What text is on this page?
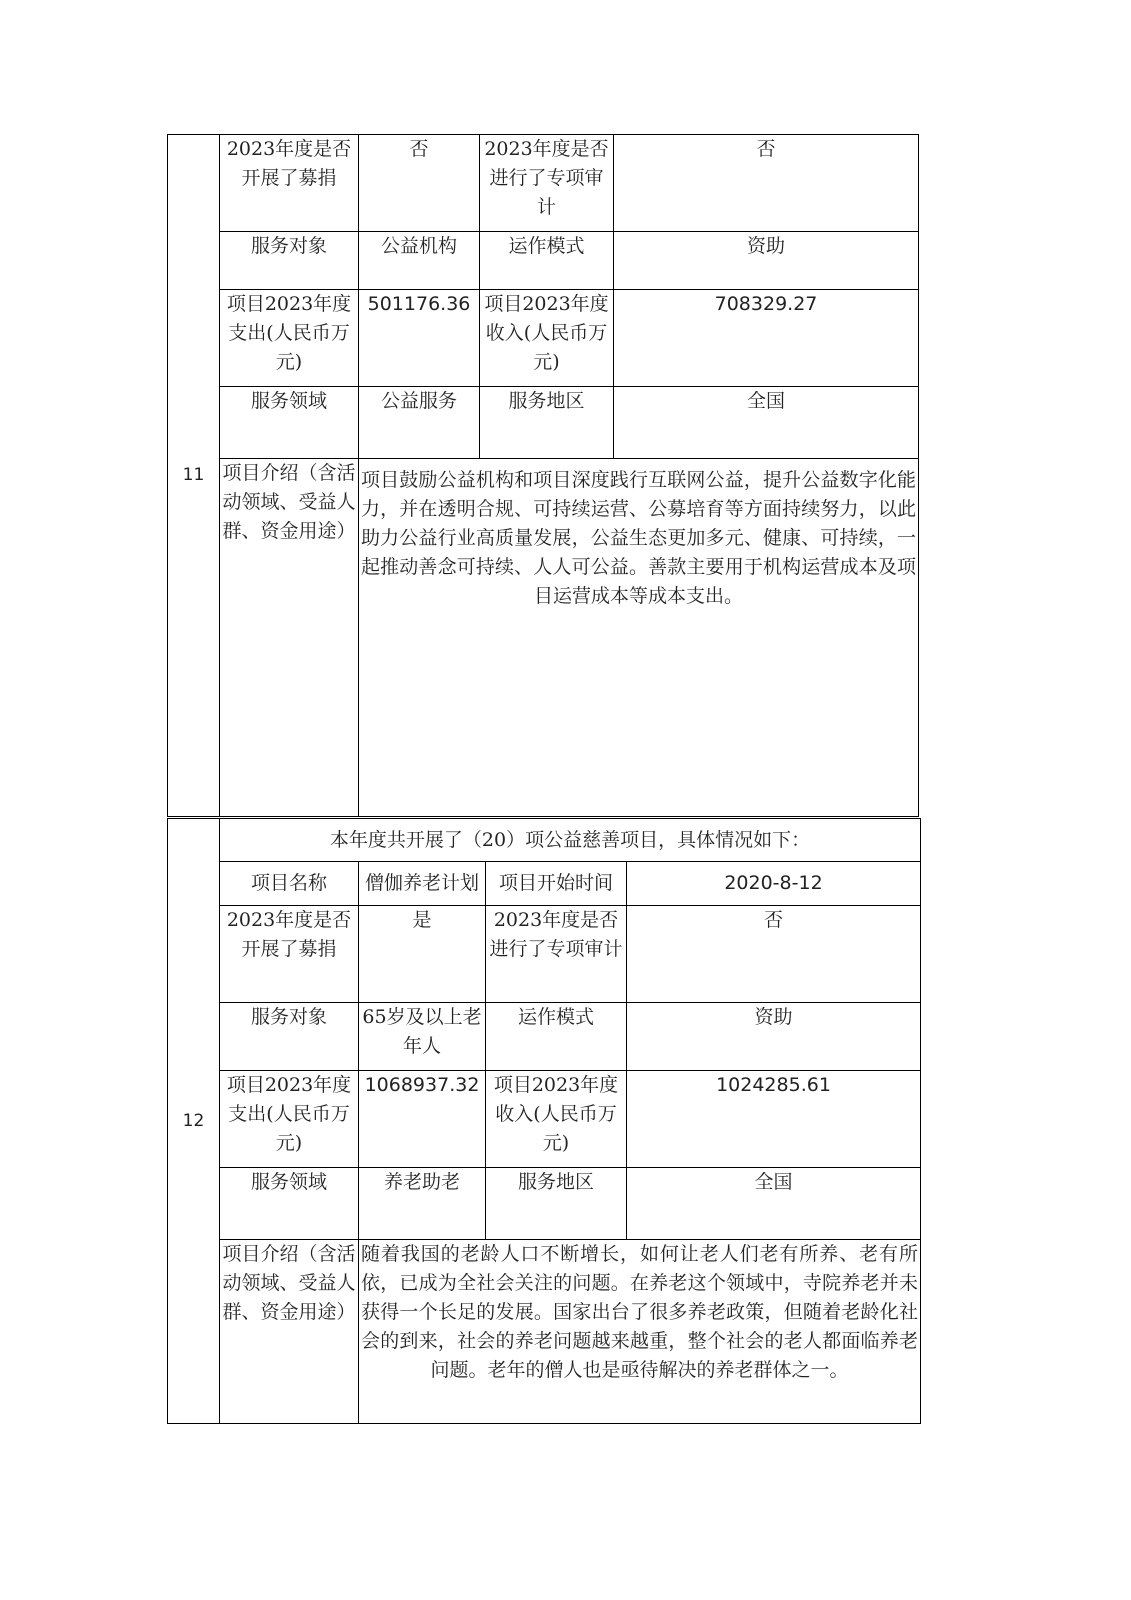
11	2023年度是否开展了募捐	否	2023年度是否进行了专项审计	否
	服务对象	公益机构	运作模式	资助
	项目2023年度支出(人民币万元)	501176.36	项目2023年度收入(人民币万元)	708329.27
	服务领域	公益服务	服务地区	全国
	项目介绍（含活动领域、受益人群、资金用途）	项目鼓励公益机构和项目深度践行互联网公益，提升公益数字化能力，并在透明合规、可持续运营、公募培育等方面持续努力，以此助力公益行业高质量发展，公益生态更加多元、健康、可持续，一起推动善念可持续、人人可公益。善款主要用于机构运营成本及项目运营成本等成本支出。		
12	本年度共开展了（20）项公益慈善项目，具体情况如下：			
	项目名称	僧伽养老计划	项目开始时间	2020-8-12
	2023年度是否开展了募捐	是	2023年度是否进行了专项审计	否
	服务对象	65岁及以上老年人	运作模式	资助
	项目2023年度支出(人民币万元)	1068937.32	项目2023年度收入(人民币万元)	1024285.61
	服务领域	养老助老	服务地区	全国
	项目介绍（含活动领域、受益人群、资金用途）	随着我国的老龄人口不断增长，如何让老人们老有所养、老有所依，已成为全社会关注的问题。在养老这个领域中，寺院养老并未获得一个长足的发展。国家出台了很多养老政策，但随着老龄化社会的到来，社会的养老问题越来越重，整个社会的老人都面临养老问题。老年的僧人也是亟待解决的养老群体之一。		
